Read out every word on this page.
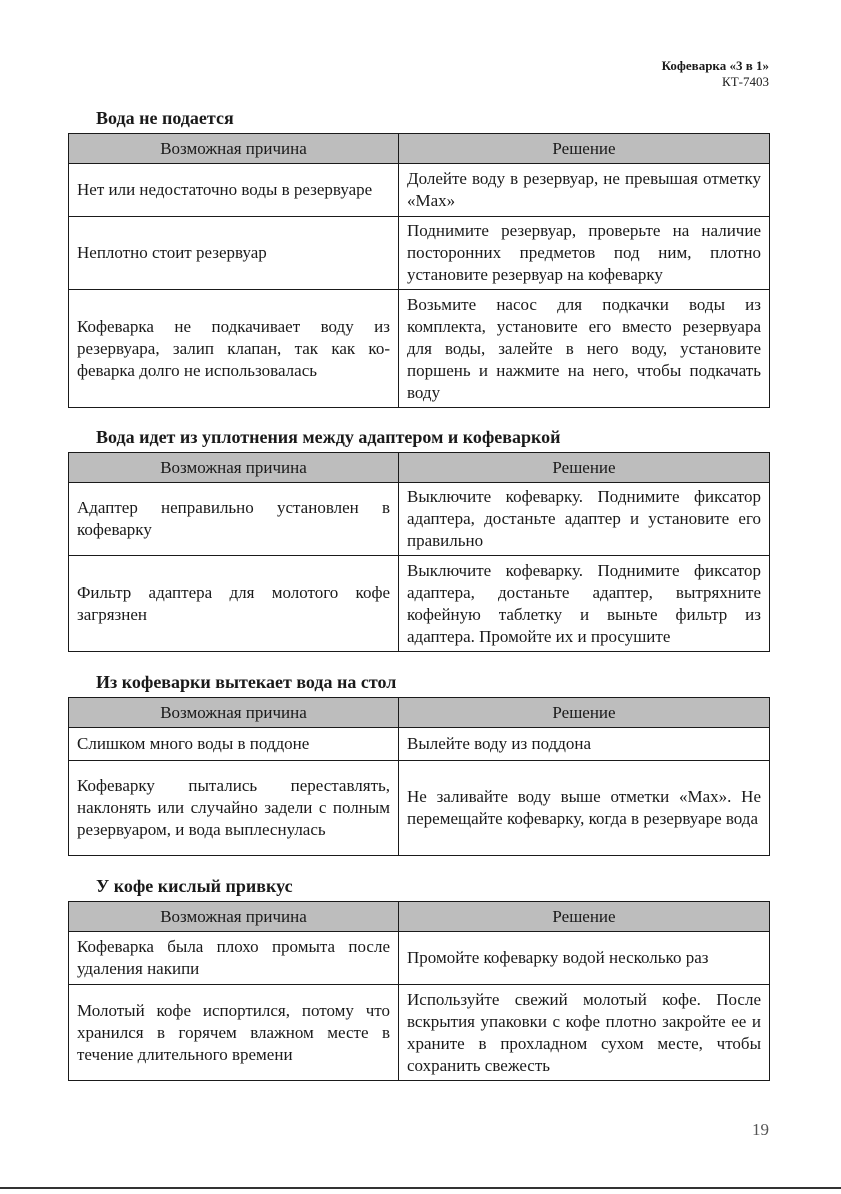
Кофеварка «3 в 1»
КТ-7403
Вода не подается
Возможная причина	Решение
Нет или недостаточно воды в резервуаре	Долейте воду в резервуар, не превышая отметку «Max»
Неплотно стоит резервуар	Поднимите резервуар, проверьте на наличие посторонних предметов под ним, плотно установите резервуар на кофеварку
Кофеварка не подкачивает воду из резервуара, залип клапан, так как кофеварка долго не использовалась	Возьмите насос для подкачки воды из комплекта, установите его вместо резервуара для воды, залейте в него воду, установите поршень и нажмите на него, чтобы подкачать воду
Вода идет из уплотнения между адаптером и кофеваркой
Возможная причина	Решение
Адаптер неправильно установлен в кофеварку	Выключите кофеварку. Поднимите фиксатор адаптера, достаньте адаптер и установите его правильно
Фильтр адаптера для молотого кофе загрязнен	Выключите кофеварку. Поднимите фиксатор адаптера, достаньте адаптер, вытряхните кофейную таблетку и выньте фильтр из адаптера. Промойте их и просушите
Из кофеварки вытекает вода на стол
Возможная причина	Решение
Слишком много воды в поддоне	Вылейте воду из поддона
Кофеварку пытались переставлять, наклонять или случайно задели с полным резервуаром, и вода выплеснулась	Не заливайте воду выше отметки «Max». Не перемещайте кофеварку, когда в резервуаре вода
У кофе кислый привкус
Возможная причина	Решение
Кофеварка была плохо промыта после удаления накипи	Промойте кофеварку водой несколько раз
Молотый кофе испортился, потому что хранился в горячем влажном месте в течение длительного времени	Используйте свежий молотый кофе. После вскрытия упаковки с кофе плотно закройте ее и храните в прохладном сухом месте, чтобы сохранить свежесть
19
